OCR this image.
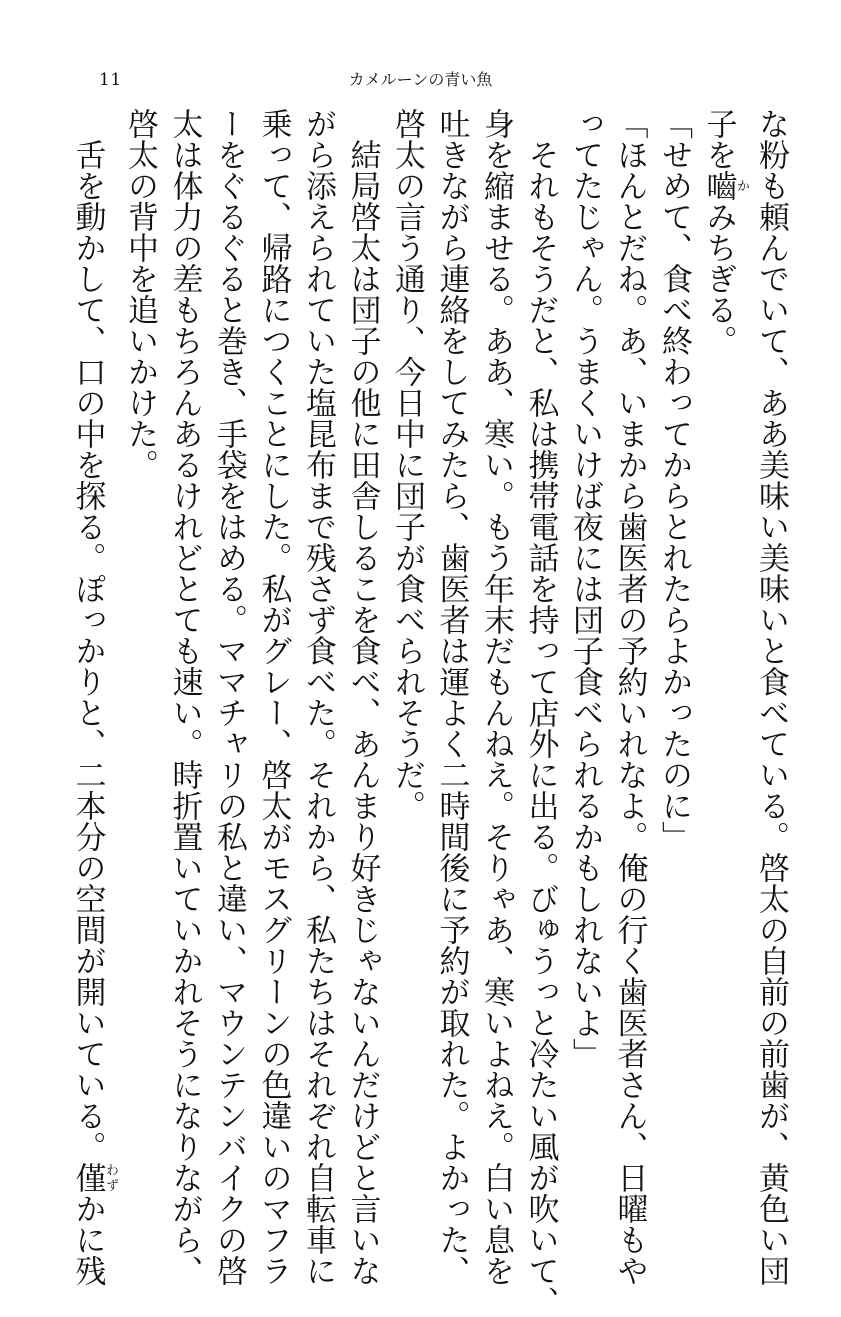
11	カメルーンの青い魚
な粉も頼んでいて、ああ美味い美味いと食べている。啓太の自前の前歯が、黄色い団
子を嚙かみちぎる。
「せめて、食べ終わってからとれたらよかったのに」
「ほんとだね。あ、いまから歯医者の予約いれなよ。俺の行く歯医者さん、日曜もや
ってたじゃん。うまくいけば夜には団子食べられるかもしれないよ」
　それもそうだと、私は携帯電話を持って店外に出る。びゅうっと冷たい風が吹いて、
身を縮ませる。ああ、寒い。もう年末だもんねえ。そりゃあ、寒いよねえ。白い息を
吐きながら連絡をしてみたら、歯医者は運よく二時間後に予約が取れた。よかった、
啓太の言う通り、今日中に団子が食べられそうだ。
　結局啓太は団子の他に田舎しるこを食べ、あんまり好きじゃないんだけどと言いな
がら添えられていた塩昆布まで残さず食べた。それから、私たちはそれぞれ自転車に
乗って、帰路につくことにした。私がグレー、啓太がモスグリーンの色違いのマフラ
ーをぐるぐると巻き、手袋をはめる。ママチャリの私と違い、マウンテンバイクの啓
太は体力の差もちろんあるけれどとても速い。時折置いていかれそうになりながら、
啓太の背中を追いかけた。
　舌を動かして、口の中を探る。ぽっかりと、二本分の空間が開いている。僅わずかに残
